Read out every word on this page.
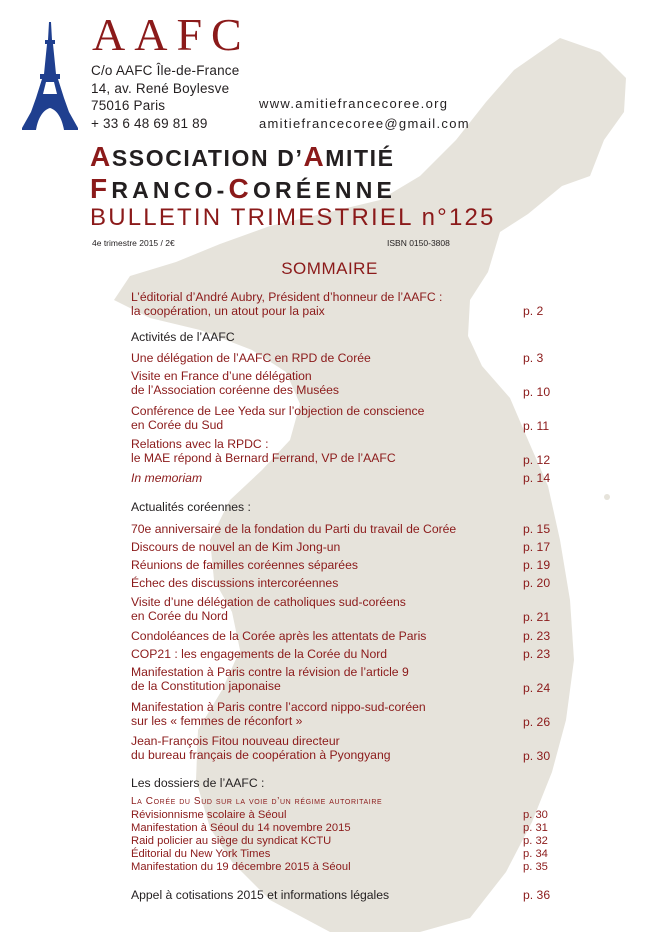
AAFC
C/o AAFC Île-de-France
14, av. René Boylesve
75016 Paris
+ 33 6 48 69 81 89
www.amitiefrancecoree.org
amitiefrancecoree@gmail.com
ASSOCIATION D’AMITIÉ
FRANCO-CORÉENNE
BULLETIN TRIMESTRIEL n°125
4e trimestre 2015 / 2€	ISBN 0150-3808
SOMMAIRE
L’éditorial d’André Aubry, Président d’honneur de l’AAFC :
la coopération, un atout pour la paix	p. 2
Activités de l’AAFC
Une délégation de l’AAFC en RPD de Corée	p. 3
Visite en France d’une délégation
de l’Association coréenne des Musées	p. 10
Conférence de Lee Yeda sur l’objection de conscience
en Corée du Sud	p. 11
Relations avec la RPDC :
le MAE répond à Bernard Ferrand, VP de l’AAFC	p. 12
In memoriam	p. 14
Actualités coréennes :
70e anniversaire de la fondation du Parti du travail de Corée	p. 15
Discours de nouvel an de Kim Jong-un	p. 17
Réunions de familles coréennes séparées	p. 19
Échec des discussions intercoréennes	p. 20
Visite d’une délégation de catholiques sud-coréens
en Corée du Nord	p. 21
Condoléances de la Corée après les attentats de Paris	p. 23
COP21 : les engagements de la Corée du Nord	p. 23
Manifestation à Paris contre la révision de l’article 9
de la Constitution japonaise	p. 24
Manifestation à Paris contre l’accord nippo-sud-coréen
sur les « femmes de réconfort »	p. 26
Jean-François Fitou nouveau directeur
du bureau français de coopération à Pyongyang	p. 30
Les dossiers de l’AAFC :
La Corée du Sud sur la voie d’un régime autoritaire
Révisionnisme scolaire à Séoul	p. 30
Manifestation à Séoul du 14 novembre 2015	p. 31
Raid policier au siège du syndicat KCTU	p. 32
Éditorial du New York Times	p. 34
Manifestation du 19 décembre 2015 à Séoul	p. 35
Appel à cotisations 2015 et informations légales	p. 36
